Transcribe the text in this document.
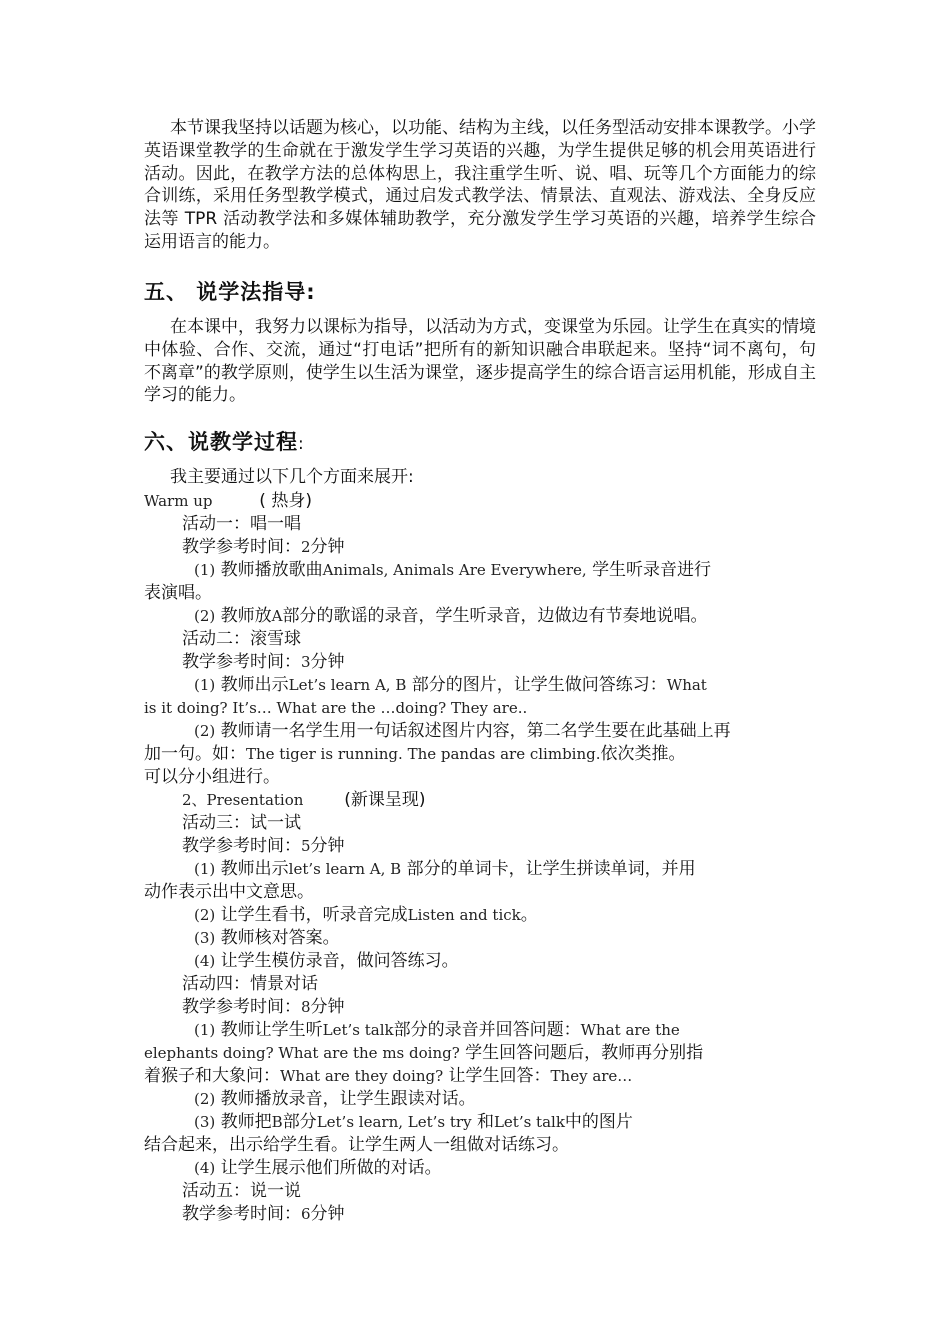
本节课我坚持以话题为核心，以功能、结构为主线，以任务型活动安排本课教学。小学英语课堂教学的生命就在于激发学生学习英语的兴趣，为学生提供足够的机会用英语进行活动。因此，在教学方法的总体构思上，我注重学生听、说、唱、玩等几个方面能力的综合训练，采用任务型教学模式，通过启发式教学法、情景法、直观法、游戏法、全身反应法等 TPR 活动教学法和多媒体辅助教学，充分激发学生学习英语的兴趣，培养学生综合运用语言的能力。
五、 说学法指导:
在本课中，我努力以课标为指导，以活动为方式，变课堂为乐园。让学生在真实的情境中体验、合作、交流，通过“打电话”把所有的新知识融合串联起来。坚持“词不离句，句不离章”的教学原则，使学生以生活为课堂，逐步提高学生的综合语言运用机能，形成自主学习的能力。
六、说教学过程:
我主要通过以下几个方面来展开:
Warm up	( 热身)
活动一：唱一唱
教学参考时间：2分钟
(1) 教师播放歌曲Animals, Animals Are Everywhere, 学生听录音进行
表演唱。
(2) 教师放A部分的歌谣的录音，学生听录音，边做边有节奏地说唱。
活动二：滚雪球
教学参考时间：3分钟
(1) 教师出示Let’s learn A, B 部分的图片，让学生做问答练习：What
is it doing? It’s… What are the …doing? They are..
(2) 教师请一名学生用一句话叙述图片内容，第二名学生要在此基础上再
加一句。如：The tiger is running. The pandas are climbing.依次类推。
可以分小组进行。
2、Presentation (新课呈现)
活动三：试一试
教学参考时间：5分钟
(1) 教师出示let’s learn A, B 部分的单词卡，让学生拼读单词，并用
动作表示出中文意思。
(2) 让学生看书，听录音完成Listen and tick。
(3) 教师核对答案。
(4) 让学生模仿录音，做问答练习。
活动四：情景对话
教学参考时间：8分钟
(1) 教师让学生听Let’s talk部分的录音并回答问题：What are the
elephants doing? What are the ms doing? 学生回答问题后，教师再分别指
着猴子和大象问：What are they doing? 让学生回答：They are…
(2) 教师播放录音，让学生跟读对话。
(3) 教师把B部分Let’s learn, Let’s try 和Let’s talk中的图片
结合起来，出示给学生看。让学生两人一组做对话练习。
(4) 让学生展示他们所做的对话。
活动五：说一说
教学参考时间：6分钟
